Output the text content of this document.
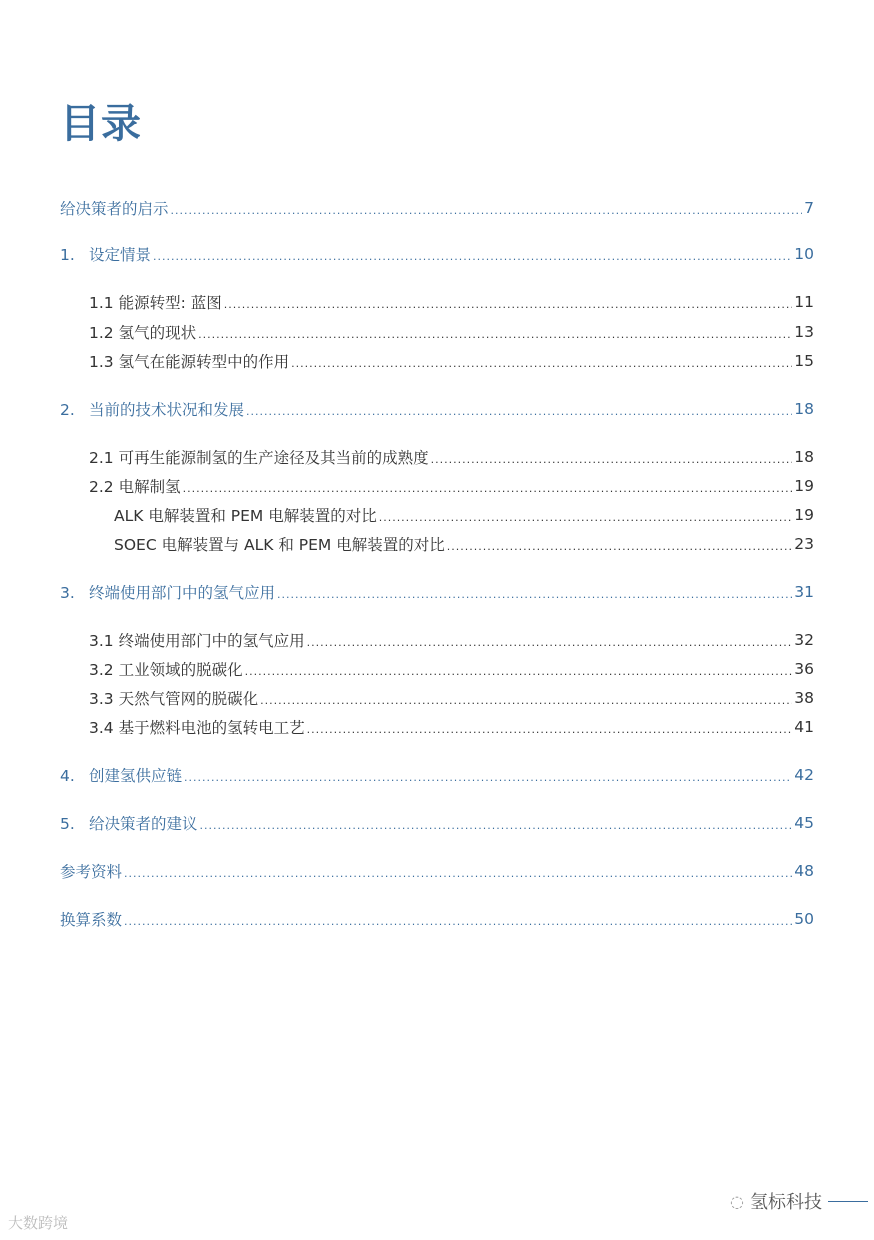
目录
给决策者的启示 .....	7
1. 设定情景 .....	10
1.1 能源转型: 蓝图 .....	11
1.2 氢气的现状 .....	13
1.3 氢气在能源转型中的作用 .....	15
2. 当前的技术状况和发展 .....	18
2.1 可再生能源制氢的生产途径及其当前的成熟度 .....	18
2.2 电解制氢 .....	19
ALK 电解装置和 PEM 电解装置的对比 .....	19
SOEC 电解装置与 ALK 和 PEM 电解装置的对比 .....	23
3. 终端使用部门中的氢气应用 .....	31
3.1 终端使用部门中的氢气应用 .....	32
3.2 工业领域的脱碳化 .....	36
3.3 天然气管网的脱碳化 .....	38
3.4 基于燃料电池的氢转电工艺 .....	41
4. 创建氢供应链 .....	42
5. 给决策者的建议 .....	45
参考资料 .....	48
换算系数 .....	50
大数跨境
◌ 氢标科技
